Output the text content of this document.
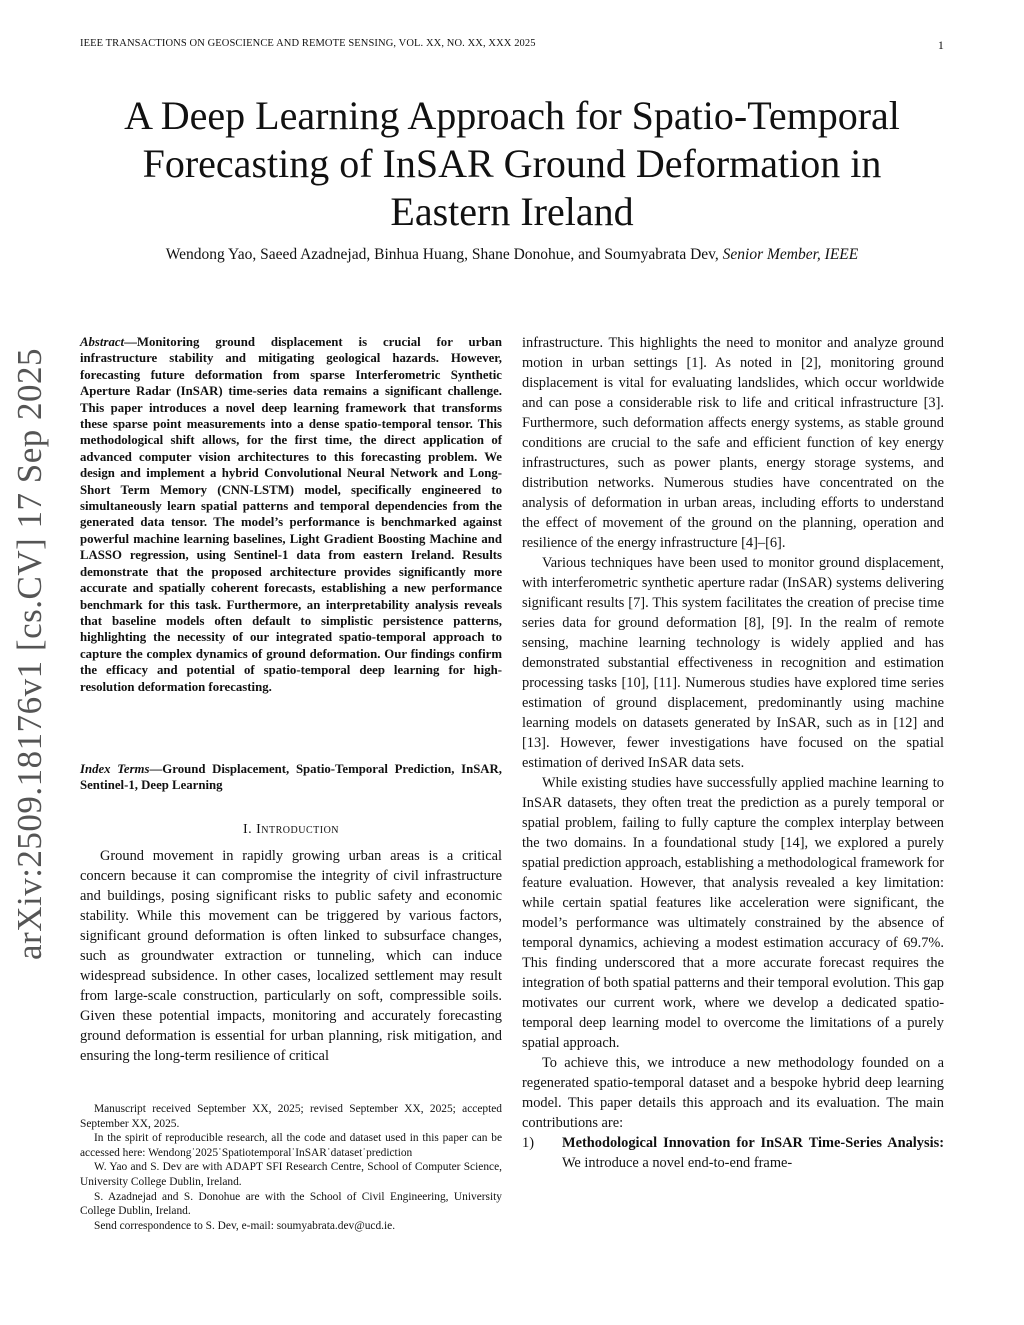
IEEE TRANSACTIONS ON GEOSCIENCE AND REMOTE SENSING, VOL. XX, NO. XX, XXX 2025	1
arXiv:2509.18176v1 [cs.CV] 17 Sep 2025
A Deep Learning Approach for Spatio-Temporal Forecasting of InSAR Ground Deformation in Eastern Ireland
Wendong Yao, Saeed Azadnejad, Binhua Huang, Shane Donohue, and Soumyabrata Dev, Senior Member, IEEE
Abstract—Monitoring ground displacement is crucial for urban infrastructure stability and mitigating geological hazards. However, forecasting future deformation from sparse Interferometric Synthetic Aperture Radar (InSAR) time-series data remains a significant challenge. This paper introduces a novel deep learning framework that transforms these sparse point measurements into a dense spatio-temporal tensor. This methodological shift allows, for the first time, the direct application of advanced computer vision architectures to this forecasting problem. We design and implement a hybrid Convolutional Neural Network and Long-Short Term Memory (CNN-LSTM) model, specifically engineered to simultaneously learn spatial patterns and temporal dependencies from the generated data tensor. The model’s performance is benchmarked against powerful machine learning baselines, Light Gradient Boosting Machine and LASSO regression, using Sentinel-1 data from eastern Ireland. Results demonstrate that the proposed architecture provides significantly more accurate and spatially coherent forecasts, establishing a new performance benchmark for this task. Furthermore, an interpretability analysis reveals that baseline models often default to simplistic persistence patterns, highlighting the necessity of our integrated spatio-temporal approach to capture the complex dynamics of ground deformation. Our findings confirm the efficacy and potential of spatio-temporal deep learning for high-resolution deformation forecasting.
Index Terms—Ground Displacement, Spatio-Temporal Prediction, InSAR, Sentinel-1, Deep Learning
I. Introduction

Ground movement in rapidly growing urban areas is a critical concern because it can compromise the integrity of civil infrastructure and buildings, posing significant risks to public safety and economic stability. While this movement can be triggered by various factors, significant ground deformation is often linked to subsurface changes, such as groundwater extraction or tunneling, which can induce widespread subsidence. In other cases, localized settlement may result from large-scale construction, particularly on soft, compressible soils. Given these potential impacts, monitoring and accurately forecasting ground deformation is essential for urban planning, risk mitigation, and ensuring the long-term resilience of critical

Manuscript received September XX, 2025; revised September XX, 2025; accepted September XX, 2025.

In the spirit of reproducible research, all the code and dataset used in this paper can be accessed here: Wendong˙2025˙Spatiotemporal˙InSAR˙dataset˙prediction

W. Yao and S. Dev are with ADAPT SFI Research Centre, School of Computer Science, University College Dublin, Ireland.

S. Azadnejad and S. Donohue are with the School of Civil Engineering, University College Dublin, Ireland.

Send correspondence to S. Dev, e-mail: soumyabrata.dev@ucd.ie.

infrastructure. This highlights the need to monitor and analyze ground motion in urban settings [1]. As noted in [2], monitoring ground displacement is vital for evaluating landslides, which occur worldwide and can pose a considerable risk to life and critical infrastructure [3]. Furthermore, such deformation affects energy systems, as stable ground conditions are crucial to the safe and efficient function of key energy infrastructures, such as power plants, energy storage systems, and distribution networks. Numerous studies have concentrated on the analysis of deformation in urban areas, including efforts to understand the effect of movement of the ground on the planning, operation and resilience of the energy infrastructure [4]–[6].

Various techniques have been used to monitor ground displacement, with interferometric synthetic aperture radar (InSAR) systems delivering significant results [7]. This system facilitates the creation of precise time series data for ground deformation [8], [9]. In the realm of remote sensing, machine learning technology is widely applied and has demonstrated substantial effectiveness in recognition and estimation processing tasks [10], [11]. Numerous studies have explored time series estimation of ground displacement, predominantly using machine learning models on datasets generated by InSAR, such as in [12] and [13]. However, fewer investigations have focused on the spatial estimation of derived InSAR data sets.

While existing studies have successfully applied machine learning to InSAR datasets, they often treat the prediction as a purely temporal or spatial problem, failing to fully capture the complex interplay between the two domains. In a foundational study [14], we explored a purely spatial prediction approach, establishing a methodological framework for feature evaluation. However, that analysis revealed a key limitation: while certain spatial features like acceleration were significant, the model’s performance was ultimately constrained by the absence of temporal dynamics, achieving a modest estimation accuracy of 69.7%. This finding underscored that a more accurate forecast requires the integration of both spatial patterns and their temporal evolution. This gap motivates our current work, where we develop a dedicated spatio-temporal deep learning model to overcome the limitations of a purely spatial approach.

To achieve this, we introduce a new methodology founded on a regenerated spatio-temporal dataset and a bespoke hybrid deep learning model. This paper details this approach and its evaluation. The main contributions are:

1)	Methodological Innovation for InSAR Time-Series Analysis: We introduce a novel end-to-end frame-
